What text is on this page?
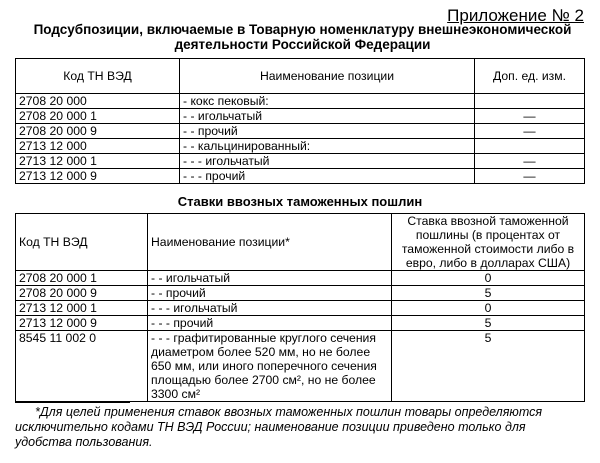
Приложение № 2
Подсубпозиции, включаемые в Товарную номенклатуру внешнеэкономической деятельности Российской Федерации
Код ТН ВЭД	Наименование позиции	Доп. ед. изм.
2708 20 000	- кокс пековый:	
2708 20 000 1	- - игольчатый	—
2708 20 000 9	- - прочий	—
2713 12 000	- - кальцинированный:	
2713 12 000 1	- - - игольчатый	—
2713 12 000 9	- - - прочий	—
Ставки ввозных таможенных пошлин
Код ТН ВЭД	Наименование позиции*	Ставка ввозной таможенной пошлины (в процентах от таможенной стоимости либо в евро, либо в долларах США)
2708 20 000 1	- - игольчатый	0
2708 20 000 9	- - прочий	5
2713 12 000 1	- - - игольчатый	0
2713 12 000 9	- - - прочий	5
8545 11 002 0	- - - графитированные круглого сечения диаметром более 520 мм, но не более 650 мм, или иного поперечного сечения площадью более 2700 см², но не более 3300 см²	5
*Для целей применения ставок ввозных таможенных пошлин товары определяются исключительно кодами ТН ВЭД России; наименование позиции приведено только для удобства пользования.
